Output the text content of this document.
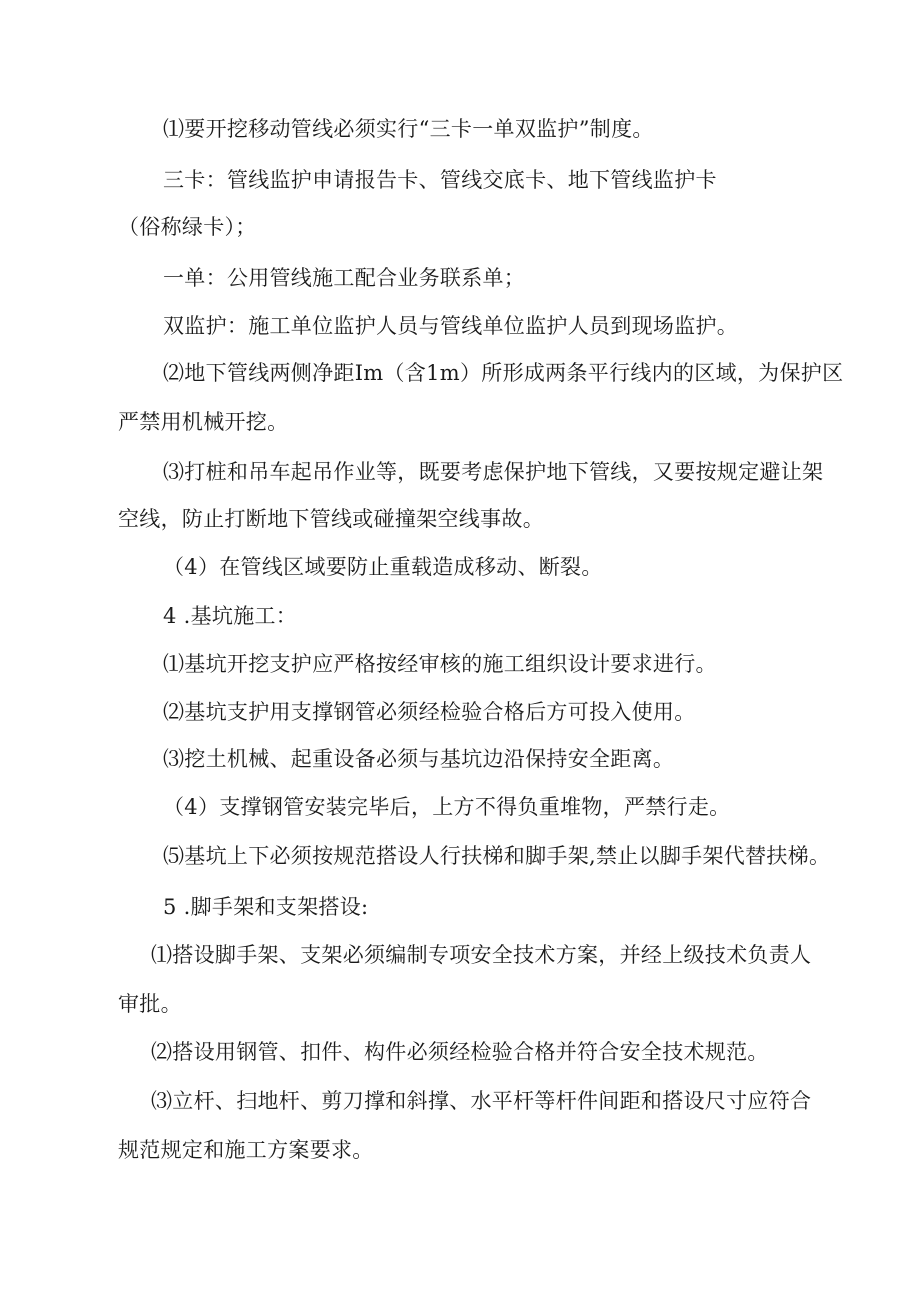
⑴要开挖移动管线必须实行“三卡一单双监护”制度。
三卡：管线监护申请报告卡、管线交底卡、地下管线监护卡
（俗称绿卡）；
一单：公用管线施工配合业务联系单；
双监护：施工单位监护人员与管线单位监护人员到现场监护。
⑵地下管线两侧净距Im（含1m）所形成两条平行线内的区域，为保护区
严禁用机械开挖。
⑶打桩和吊车起吊作业等，既要考虑保护地下管线，又要按规定避让架
空线，防止打断地下管线或碰撞架空线事故。
（4）在管线区域要防止重载造成移动、断裂。
4 .基坑施工：
⑴基坑开挖支护应严格按经审核的施工组织设计要求进行。
⑵基坑支护用支撑钢管必须经检验合格后方可投入使用。
⑶挖土机械、起重设备必须与基坑边沿保持安全距离。
（4）支撑钢管安装完毕后，上方不得负重堆物，严禁行走。
⑸基坑上下必须按规范搭设人行扶梯和脚手架,禁止以脚手架代替扶梯。
5 .脚手架和支架搭设:
⑴搭设脚手架、支架必须编制专项安全技术方案，并经上级技术负责人
审批。
⑵搭设用钢管、扣件、构件必须经检验合格并符合安全技术规范。
⑶立杆、扫地杆、剪刀撑和斜撑、水平杆等杆件间距和搭设尺寸应符合
规范规定和施工方案要求。
